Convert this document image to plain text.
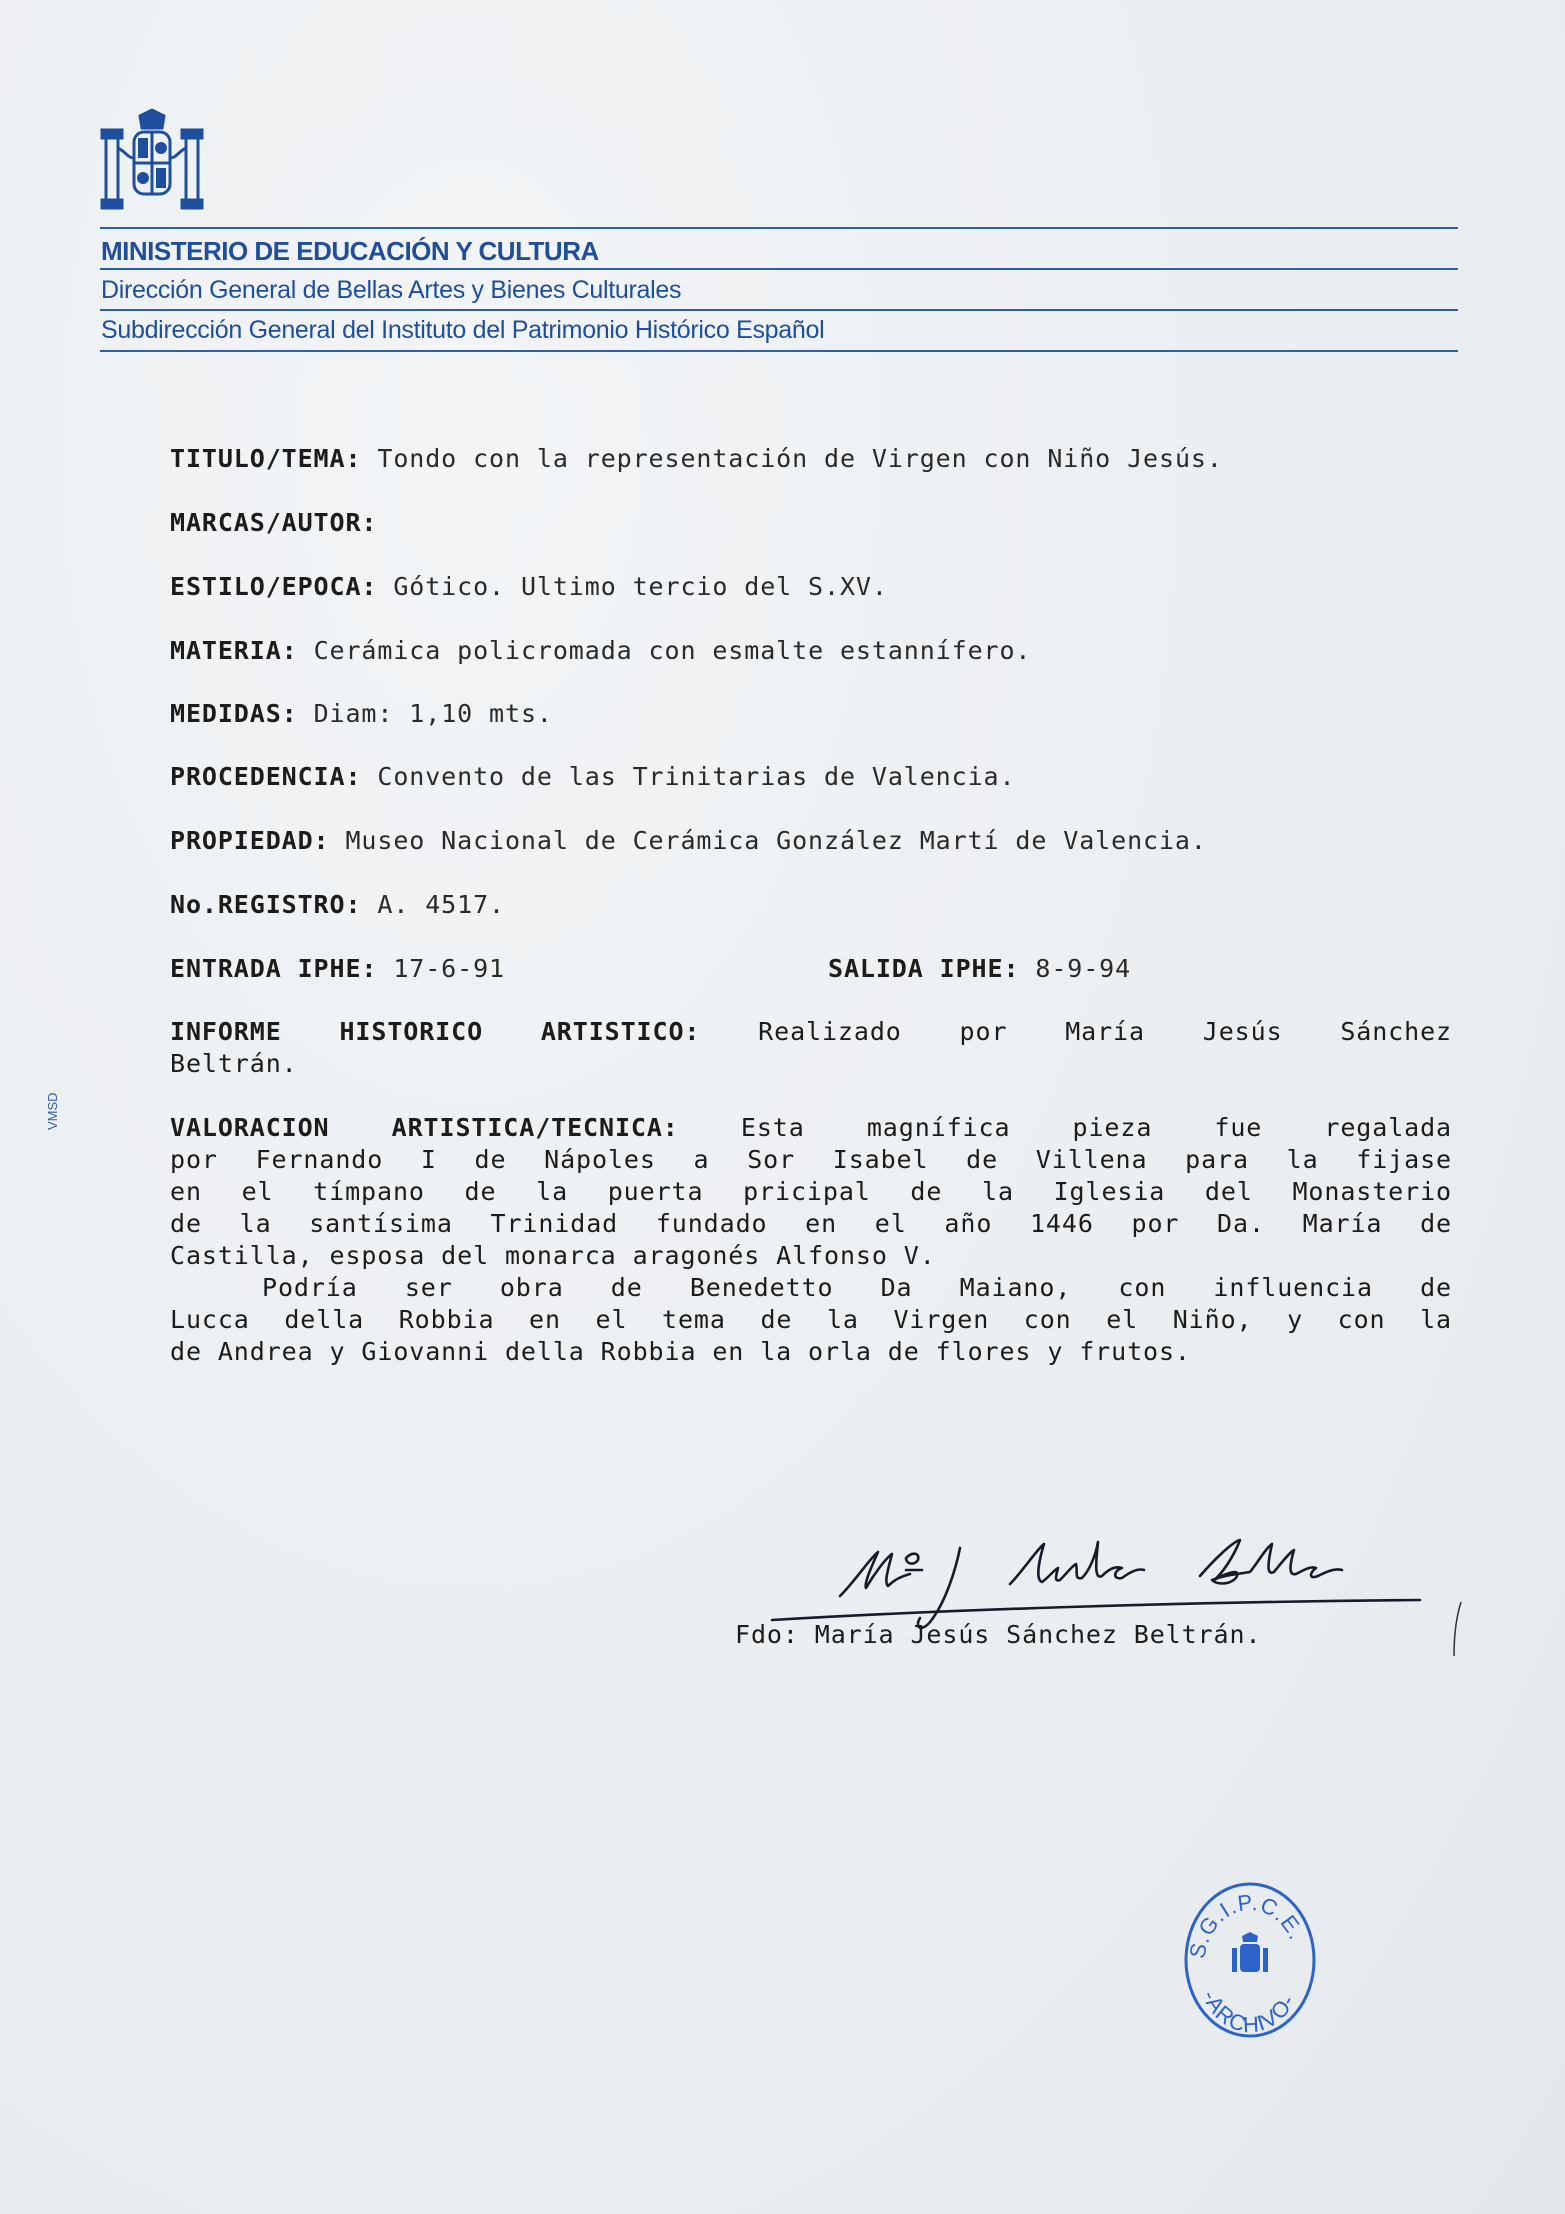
MINISTERIO DE EDUCACIÓN Y CULTURA
Dirección General de Bellas Artes y Bienes Culturales
Subdirección General del Instituto del Patrimonio Histórico Español
VMSD
TITULO/TEMA: Tondo con la representación de Virgen con Niño Jesús.
MARCAS/AUTOR:
ESTILO/EPOCA: Gótico. Ultimo tercio del S.XV.
MATERIA: Cerámica policromada con esmalte estannífero.
MEDIDAS: Diam: 1,10 mts.
PROCEDENCIA: Convento de las Trinitarias de Valencia.
PROPIEDAD: Museo Nacional de Cerámica González Martí de Valencia.
No.REGISTRO: A. 4517.
ENTRADA IPHE: 17-6-91	SALIDA IPHE: 8-9-94
INFORME HISTORICO ARTISTICO: Realizado por María Jesús Sánchez
Beltrán.
VALORACION ARTISTICA/TECNICA: Esta magnífica pieza fue regalada
por Fernando I de Nápoles a Sor Isabel de Villena para la fijase
en el tímpano de la puerta pricipal de la Iglesia del Monasterio
de la santísima Trinidad fundado en el año 1446 por Da. María de
Castilla, esposa del monarca aragonés Alfonso V.
Podría ser obra de Benedetto Da Maiano, con influencia de
Lucca della Robbia en el tema de la Virgen con el Niño, y con la
de Andrea y Giovanni della Robbia en la orla de flores y frutos.
Fdo: María Jesús Sánchez Beltrán.
S.G.I.P.C.E.
-ARCHIVO-
